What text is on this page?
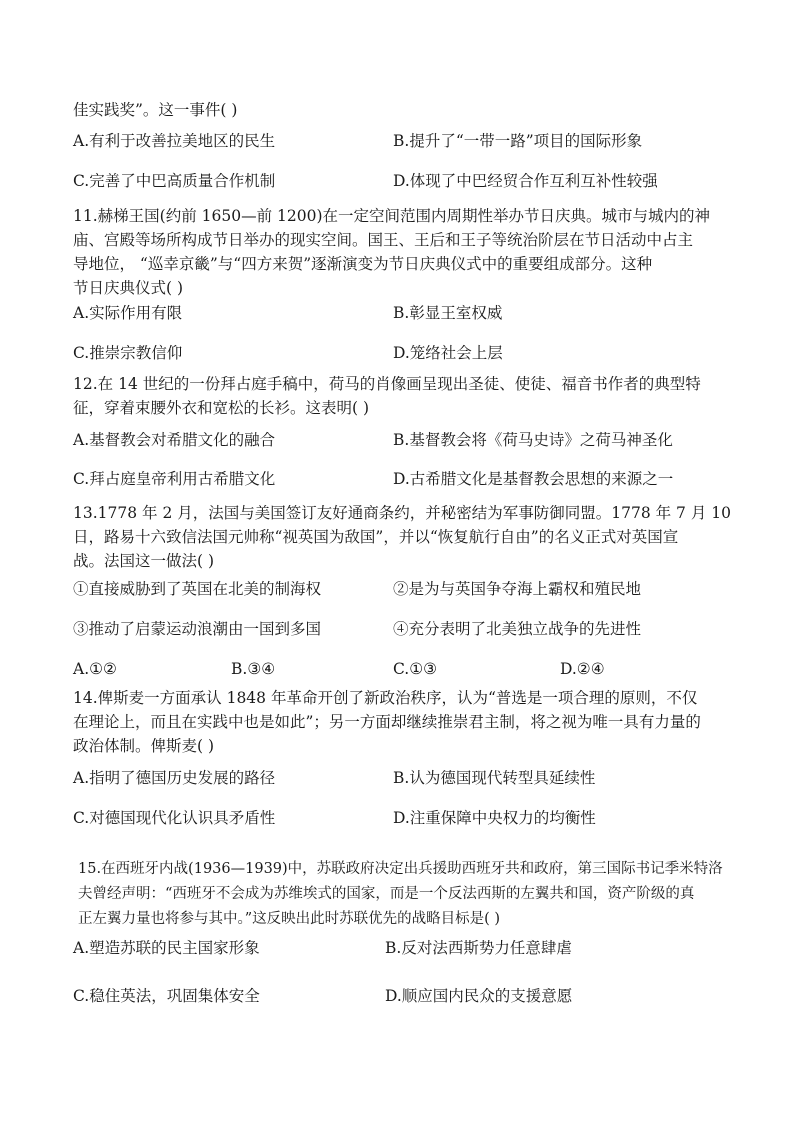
佳实践奖”。这一事件( )
A.有利于改善拉美地区的民生	B.提升了“一带一路”项目的国际形象
C.完善了中巴高质量合作机制	D.体现了中巴经贸合作互利互补性较强
11.赫梯王国(约前 1650—前 1200)在一定空间范围内周期性举办节日庆典。城市与城内的神
庙、宫殿等场所构成节日举办的现实空间。国王、王后和王子等统治阶层在节日活动中占主
导地位， “巡幸京畿”与“四方来贺”逐渐演变为节日庆典仪式中的重要组成部分。这种
节日庆典仪式( )
A.实际作用有限	B.彰显王室权威
C.推崇宗教信仰	D.笼络社会上层
12.在 14 世纪的一份拜占庭手稿中，荷马的肖像画呈现出圣徒、使徒、福音书作者的典型特
征，穿着束腰外衣和宽松的长衫。这表明( )
A.基督教会对希腊文化的融合	B.基督教会将《荷马史诗》之荷马神圣化
C.拜占庭皇帝利用古希腊文化	D.古希腊文化是基督教会思想的来源之一
13.1778 年 2 月，法国与美国签订友好通商条约，并秘密结为军事防御同盟。1778 年 7 月 10
日，路易十六致信法国元帅称“视英国为敌国”，并以“恢复航行自由”的名义正式对英国宣
战。法国这一做法( )
①直接威胁到了英国在北美的制海权	②是为与英国争夺海上霸权和殖民地
③推动了启蒙运动浪潮由一国到多国	④充分表明了北美独立战争的先进性
A.①②	B.③④	C.①③	D.②④
14.俾斯麦一方面承认 1848 年革命开创了新政治秩序，认为“普选是一项合理的原则，不仅
在理论上，而且在实践中也是如此”；另一方面却继续推崇君主制，将之视为唯一具有力量的
政治体制。俾斯麦( )
A.指明了德国历史发展的路径	B.认为德国现代转型具延续性
C.对德国现代化认识具矛盾性	D.注重保障中央权力的均衡性
15.在西班牙内战(1936—1939)中，苏联政府决定出兵援助西班牙共和政府，第三国际书记季米特洛
夫曾经声明：“西班牙不会成为苏维埃式的国家，而是一个反法西斯的左翼共和国，资产阶级的真
正左翼力量也将参与其中。”这反映出此时苏联优先的战略目标是( )
A.塑造苏联的民主国家形象	B.反对法西斯势力任意肆虐
C.稳住英法，巩固集体安全	D.顺应国内民众的支援意愿
